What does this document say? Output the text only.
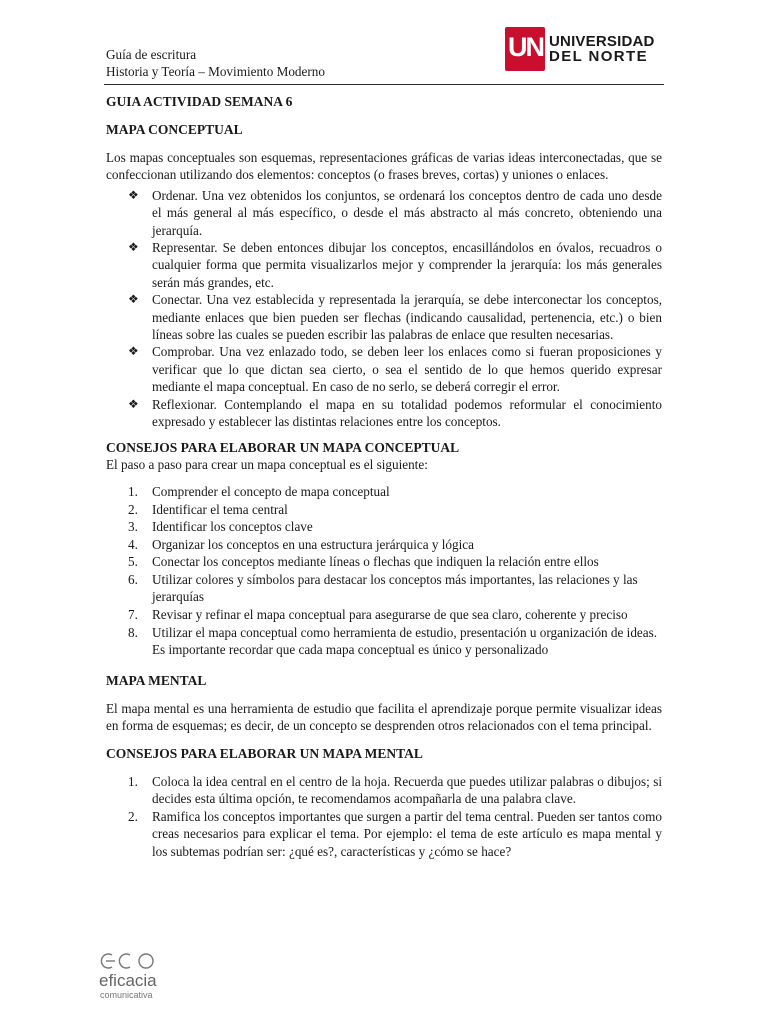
Guía de escritura
Historia y Teoría – Movimiento Moderno
UN UNIVERSIDAD
DEL NORTE

GUIA ACTIVIDAD SEMANA 6

MAPA CONCEPTUAL

Los mapas conceptuales son esquemas, representaciones gráficas de varias ideas interconectadas, que se confeccionan utilizando dos elementos: conceptos (o frases breves, cortas) y uniones o enlaces.

❖ Ordenar. Una vez obtenidos los conjuntos, se ordenará los conceptos dentro de cada uno desde el más general al más específico, o desde el más abstracto al más concreto, obteniendo una jerarquía.
❖ Representar. Se deben entonces dibujar los conceptos, encasillándolos en óvalos, recuadros o cualquier forma que permita visualizarlos mejor y comprender la jerarquía: los más generales serán más grandes, etc.
❖ Conectar. Una vez establecida y representada la jerarquía, se debe interconectar los conceptos, mediante enlaces que bien pueden ser flechas (indicando causalidad, pertenencia, etc.) o bien líneas sobre las cuales se pueden escribir las palabras de enlace que resulten necesarias.
❖ Comprobar. Una vez enlazado todo, se deben leer los enlaces como si fueran proposiciones y verificar que lo que dictan sea cierto, o sea el sentido de lo que hemos querido expresar mediante el mapa conceptual. En caso de no serlo, se deberá corregir el error.
❖ Reflexionar. Contemplando el mapa en su totalidad podemos reformular el conocimiento expresado y establecer las distintas relaciones entre los conceptos.

CONSEJOS PARA ELABORAR UN MAPA CONCEPTUAL

El paso a paso para crear un mapa conceptual es el siguiente:

1. Comprender el concepto de mapa conceptual
2. Identificar el tema central
3. Identificar los conceptos clave
4. Organizar los conceptos en una estructura jerárquica y lógica
5. Conectar los conceptos mediante líneas o flechas que indiquen la relación entre ellos
6. Utilizar colores y símbolos para destacar los conceptos más importantes, las relaciones y las jerarquías
7. Revisar y refinar el mapa conceptual para asegurarse de que sea claro, coherente y preciso
8. Utilizar el mapa conceptual como herramienta de estudio, presentación u organización de ideas. Es importante recordar que cada mapa conceptual es único y personalizado

MAPA MENTAL

El mapa mental es una herramienta de estudio que facilita el aprendizaje porque permite visualizar ideas en forma de esquemas; es decir, de un concepto se desprenden otros relacionados con el tema principal.

CONSEJOS PARA ELABORAR UN MAPA MENTAL

1. Coloca la idea central en el centro de la hoja. Recuerda que puedes utilizar palabras o dibujos; si decides esta última opción, te recomendamos acompañarla de una palabra clave.
2. Ramifica los conceptos importantes que surgen a partir del tema central. Pueden ser tantos como creas necesarios para explicar el tema. Por ejemplo: el tema de este artículo es mapa mental y los subtemas podrían ser: ¿qué es?, características y ¿cómo se hace?
eficacia
comunicativa
